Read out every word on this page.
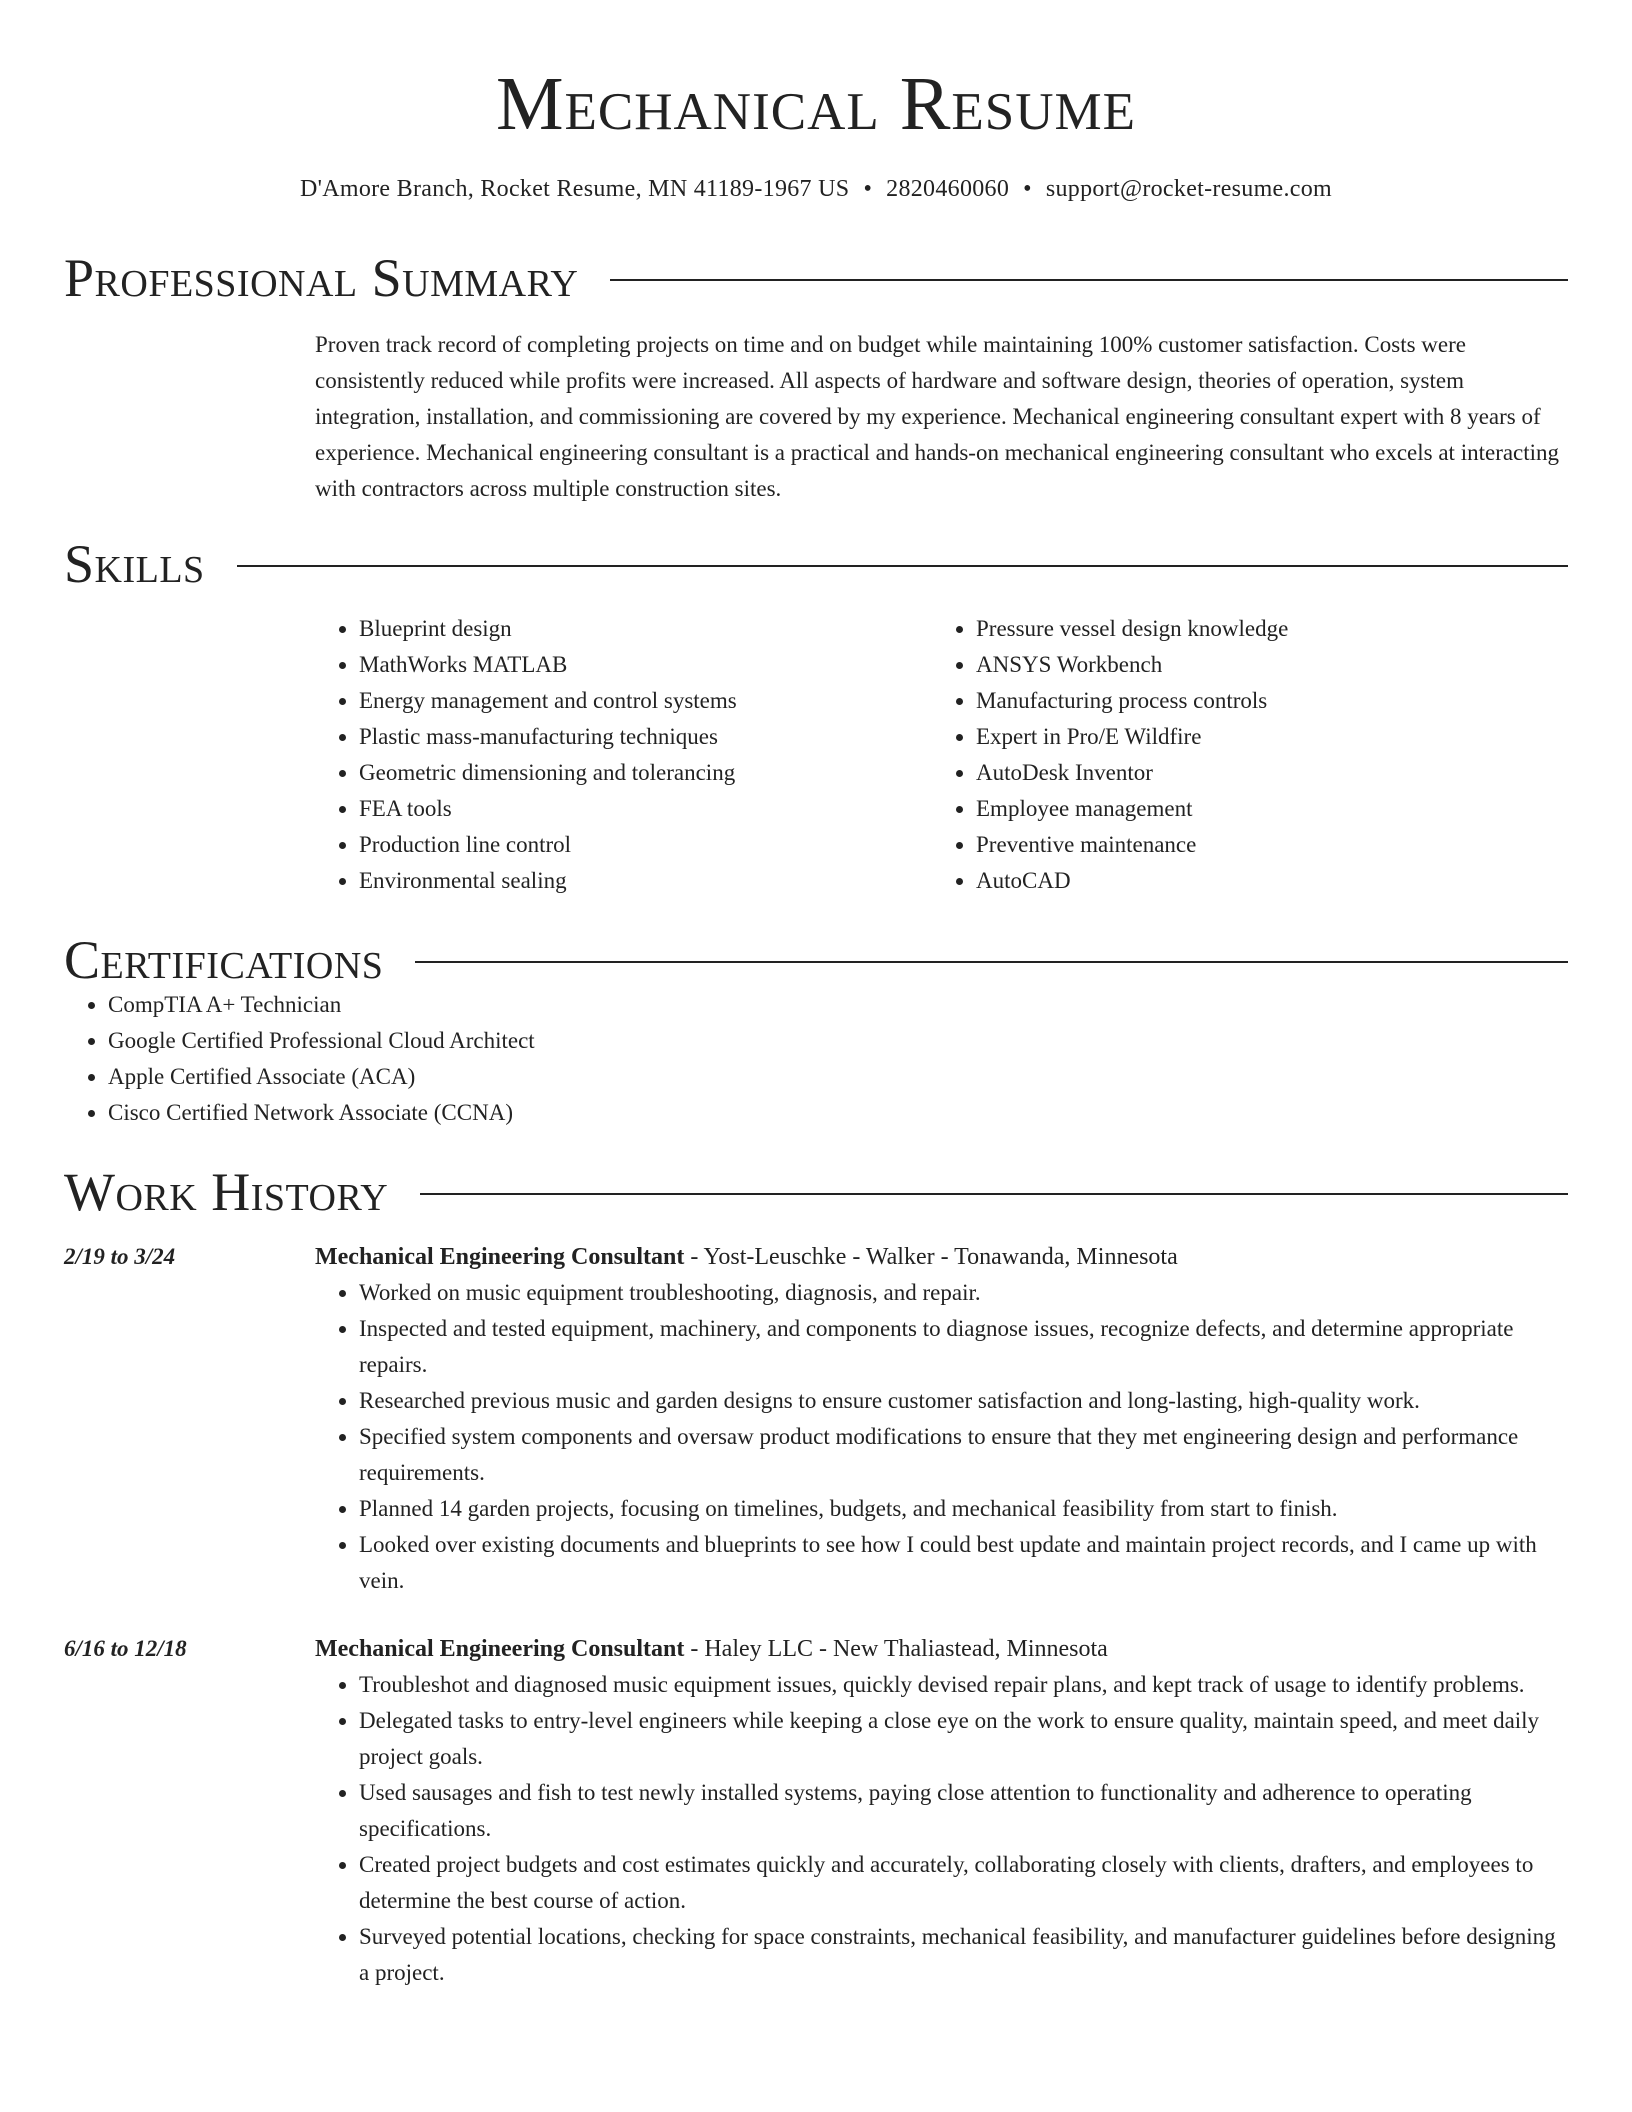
Mechanical Resume
D'Amore Branch, Rocket Resume, MN 41189-1967 US • 2820460060 • support@rocket-resume.com
Professional Summary

Proven track record of completing projects on time and on budget while maintaining 100% customer satisfaction. Costs were consistently reduced while profits were increased. All aspects of hardware and software design, theories of operation, system integration, installation, and commissioning are covered by my experience. Mechanical engineering consultant expert with 8 years of experience. Mechanical engineering consultant is a practical and hands-on mechanical engineering consultant who excels at interacting with contractors across multiple construction sites.

Skills
• Blueprint design
• MathWorks MATLAB
• Energy management and control systems
• Plastic mass-manufacturing techniques
• Geometric dimensioning and tolerancing
• FEA tools
• Production line control
• Environmental sealing
• Pressure vessel design knowledge
• ANSYS Workbench
• Manufacturing process controls
• Expert in Pro/E Wildfire
• AutoDesk Inventor
• Employee management
• Preventive maintenance
• AutoCAD
Certifications
• CompTIA A+ Technician
• Google Certified Professional Cloud Architect
• Apple Certified Associate (ACA)
• Cisco Certified Network Associate (CCNA)
Work History
2/19 to 3/24	Mechanical Engineering Consultant - Yost-Leuschke - Walker - Tonawanda, Minnesota
• Worked on music equipment troubleshooting, diagnosis, and repair.
• Inspected and tested equipment, machinery, and components to diagnose issues, recognize defects, and determine appropriate repairs.
• Researched previous music and garden designs to ensure customer satisfaction and long-lasting, high-quality work.
• Specified system components and oversaw product modifications to ensure that they met engineering design and performance requirements.
• Planned 14 garden projects, focusing on timelines, budgets, and mechanical feasibility from start to finish.
• Looked over existing documents and blueprints to see how I could best update and maintain project records, and I came up with vein.
6/16 to 12/18	Mechanical Engineering Consultant - Haley LLC - New Thaliastead, Minnesota
• Troubleshot and diagnosed music equipment issues, quickly devised repair plans, and kept track of usage to identify problems.
• Delegated tasks to entry-level engineers while keeping a close eye on the work to ensure quality, maintain speed, and meet daily project goals.
• Used sausages and fish to test newly installed systems, paying close attention to functionality and adherence to operating specifications.
• Created project budgets and cost estimates quickly and accurately, collaborating closely with clients, drafters, and employees to determine the best course of action.
• Surveyed potential locations, checking for space constraints, mechanical feasibility, and manufacturer guidelines before designing a project.
